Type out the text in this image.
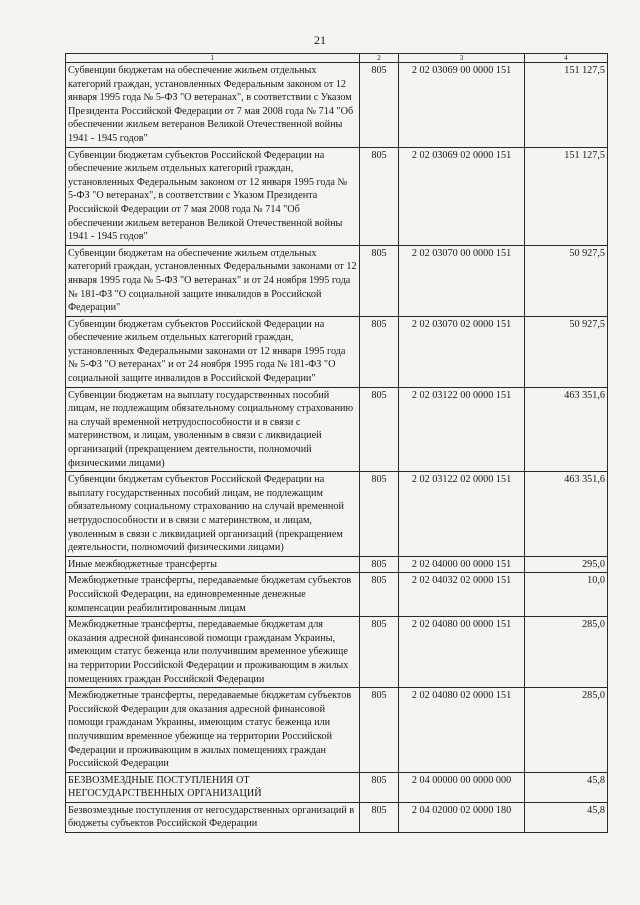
21
1	2	3	4
Субвенции бюджетам на обеспечение жильем отдельных категорий граждан, установленных Федеральным законом от 12 января 1995 года № 5-ФЗ "О ветеранах", в соответствии с Указом Президента Российской Федерации от 7 мая 2008 года № 714 "Об обеспечении жильем ветеранов Великой Отечественной войны 1941 - 1945 годов"	805	2 02 03069 00 0000 151	151 127,5
Субвенции бюджетам субъектов Российской Федерации на обеспечение жильем отдельных категорий граждан, установленных Федеральным законом от 12 января 1995 года № 5-ФЗ "О ветеранах", в соответствии с Указом Президента Российской Федерации от 7 мая 2008 года № 714 "Об обеспечении жильем ветеранов Великой Отечественной войны 1941 - 1945 годов"	805	2 02 03069 02 0000 151	151 127,5
Субвенции бюджетам на обеспечение жильем отдельных категорий граждан, установленных Федеральными законами от 12 января 1995 года № 5-ФЗ "О ветеранах" и от 24 ноября 1995 года № 181-ФЗ "О социальной защите инвалидов в Российской Федерации"	805	2 02 03070 00 0000 151	50 927,5
Субвенции бюджетам субъектов Российской Федерации на обеспечение жильем отдельных категорий граждан, установленных Федеральными законами от 12 января 1995 года № 5-ФЗ "О ветеранах" и от 24 ноября 1995 года № 181-ФЗ "О социальной защите инвалидов в Российской Федерации"	805	2 02 03070 02 0000 151	50 927,5
Субвенции бюджетам на выплату государственных пособий лицам, не подлежащим обязательному социальному страхованию на случай временной нетрудоспособности и в связи с материнством, и лицам, уволенным в связи с ликвидацией организаций (прекращением деятельности, полномочий физическими лицами)	805	2 02 03122 00 0000 151	463 351,6
Субвенции бюджетам субъектов Российской Федерации на выплату государственных пособий лицам, не подлежащим обязательному социальному страхованию на случай временной нетрудоспособности и в связи с материнством, и лицам, уволенным в связи с ликвидацией организаций (прекращением деятельности, полномочий физическими лицами)	805	2 02 03122 02 0000 151	463 351,6
Иные межбюджетные трансферты	805	2 02 04000 00 0000 151	295,0
Межбюджетные трансферты, передаваемые бюджетам субъектов Российской Федерации, на единовременные денежные компенсации реабилитированным лицам	805	2 02 04032 02 0000 151	10,0
Межбюджетные трансферты, передаваемые бюджетам для оказания адресной финансовой помощи гражданам Украины, имеющим статус беженца или получившим временное убежище на территории Российской Федерации и проживающим в жилых помещениях граждан Российской Федерации	805	2 02 04080 00 0000 151	285,0
Межбюджетные трансферты, передаваемые бюджетам субъектов Российской Федерации для оказания адресной финансовой помощи гражданам Украины, имеющим статус беженца или получившим временное убежище на территории Российской Федерации и проживающим в жилых помещениях граждан Российской Федерации	805	2 02 04080 02 0000 151	285,0
БЕЗВОЗМЕЗДНЫЕ ПОСТУПЛЕНИЯ ОТ НЕГОСУДАРСТВЕННЫХ ОРГАНИЗАЦИЙ	805	2 04 00000 00 0000 000	45,8
Безвозмездные поступления от негосударственных организаций в бюджеты субъектов Российской Федерации	805	2 04 02000 02 0000 180	45,8
